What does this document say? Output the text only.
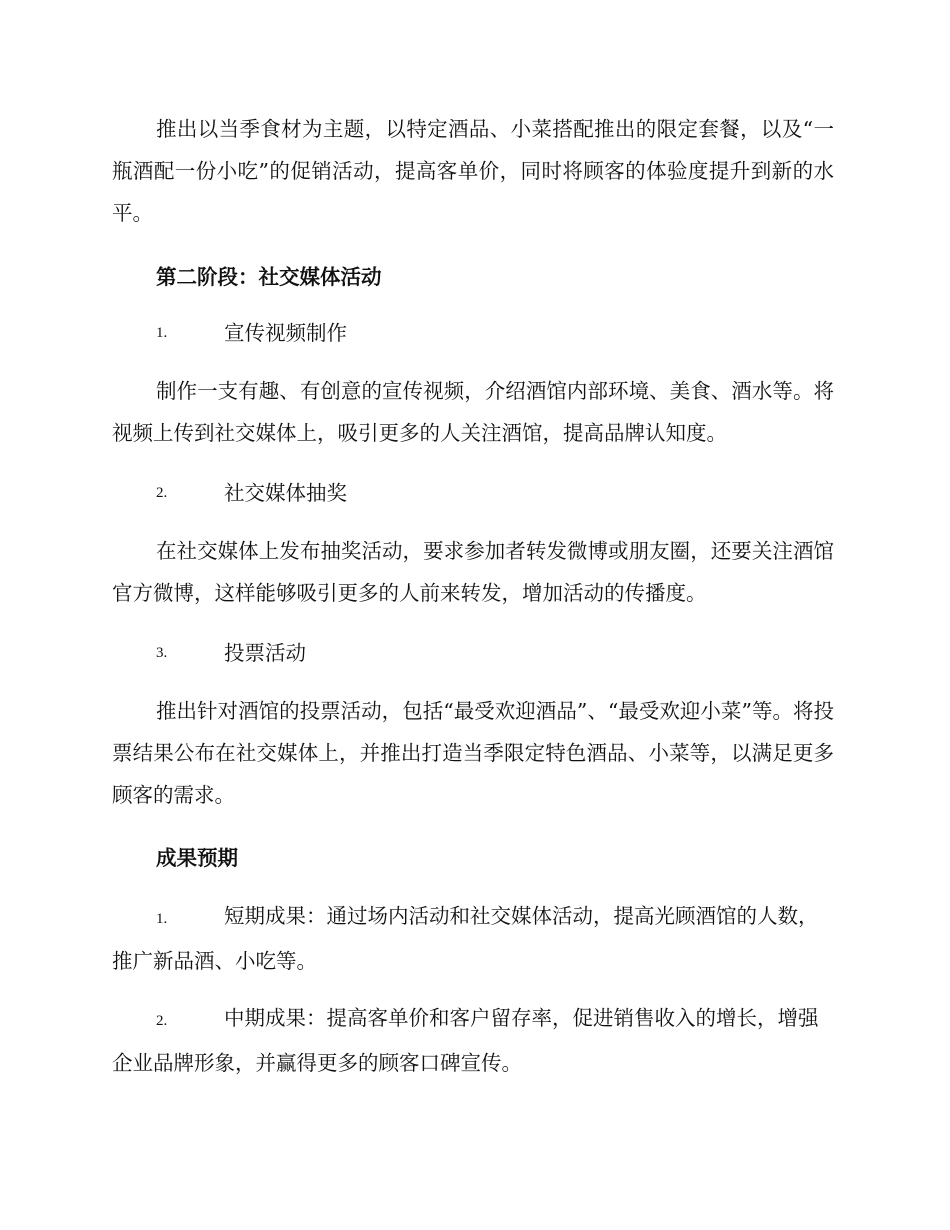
推出以当季食材为主题，以特定酒品、小菜搭配推出的限定套餐，以及“一瓶酒配一份小吃”的促销活动，提高客单价，同时将顾客的体验度提升到新的水平。

第二阶段：社交媒体活动
1.	宣传视频制作

制作一支有趣、有创意的宣传视频，介绍酒馆内部环境、美食、酒水等。将视频上传到社交媒体上，吸引更多的人关注酒馆，提高品牌认知度。

2.	社交媒体抽奖

在社交媒体上发布抽奖活动，要求参加者转发微博或朋友圈，还要关注酒馆官方微博，这样能够吸引更多的人前来转发，增加活动的传播度。

3.	投票活动

推出针对酒馆的投票活动，包括“最受欢迎酒品”、“最受欢迎小菜”等。将投票结果公布在社交媒体上，并推出打造当季限定特色酒品、小菜等，以满足更多顾客的需求。

成果预期

1.	短期成果：通过场内活动和社交媒体活动，提高光顾酒馆的人数，推广新品酒、小吃等。

2.	中期成果：提高客单价和客户留存率，促进销售收入的增长，增强企业品牌形象，并赢得更多的顾客口碑宣传。
